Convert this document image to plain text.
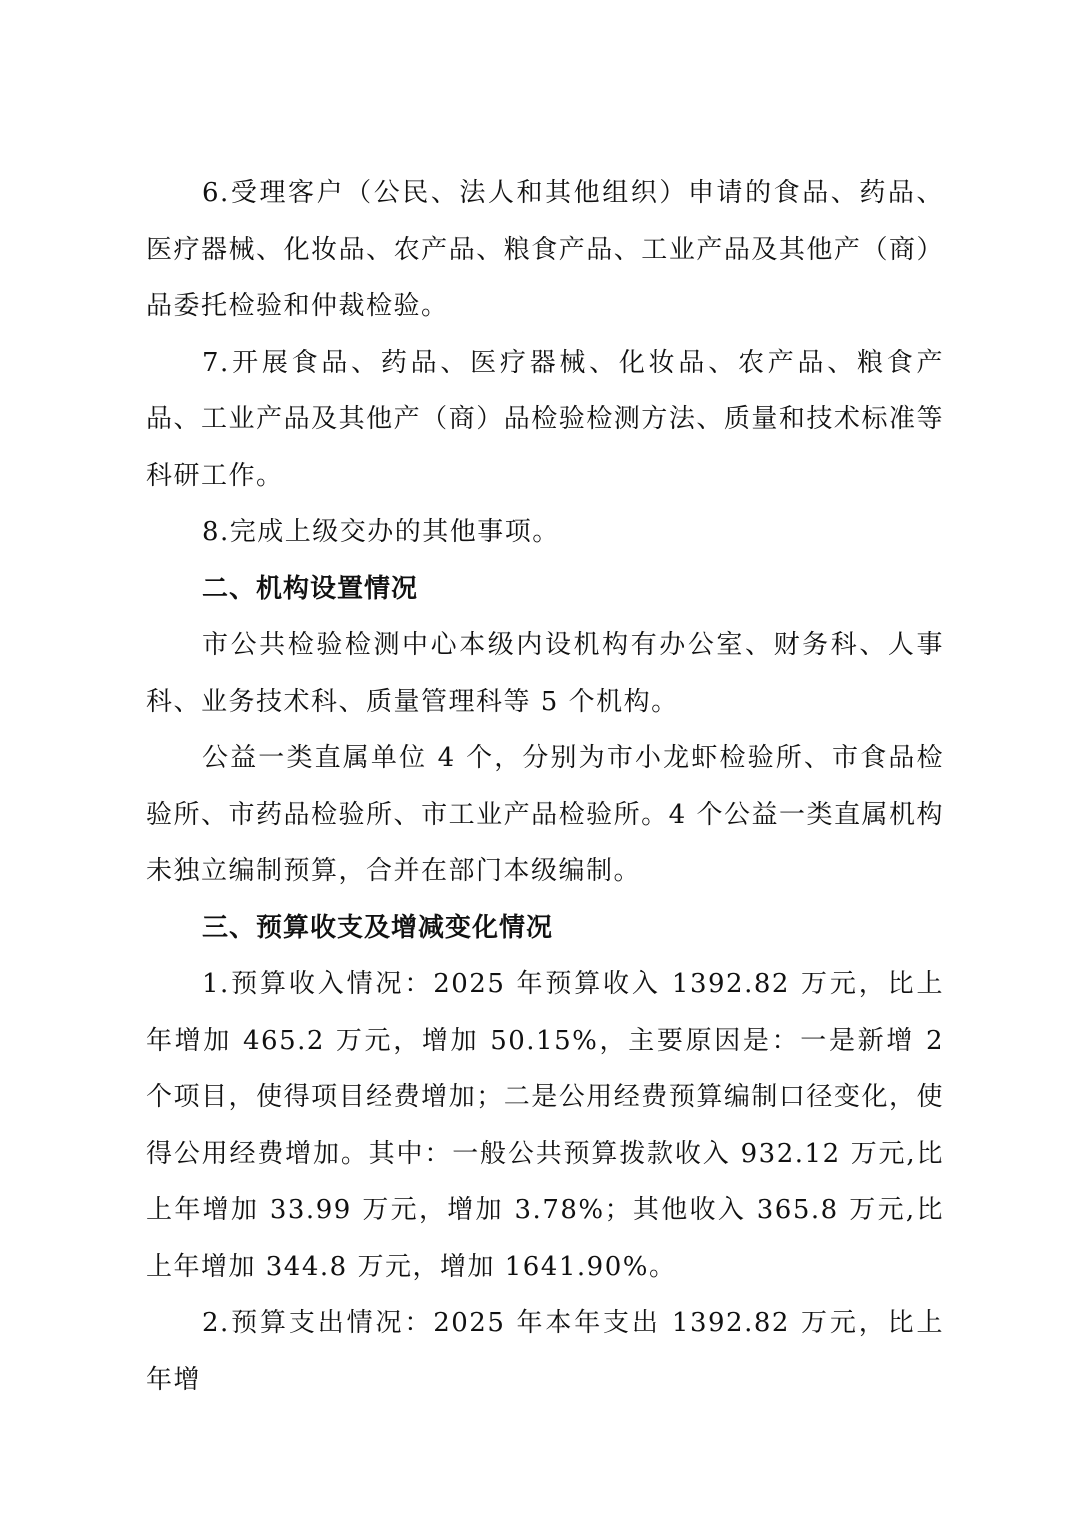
6.受理客户（公民、法人和其他组织）申请的食品、药品、医疗器械、化妆品、农产品、粮食产品、工业产品及其他产（商）品委托检验和仲裁检验。

7.开展食品、药品、医疗器械、化妆品、农产品、粮食产品、工业产品及其他产（商）品检验检测方法、质量和技术标准等科研工作。

8.完成上级交办的其他事项。

二、机构设置情况

市公共检验检测中心本级内设机构有办公室、财务科、人事科、业务技术科、质量管理科等 5 个机构。

公益一类直属单位 4 个，分别为市小龙虾检验所、市食品检验所、市药品检验所、市工业产品检验所。4 个公益一类直属机构未独立编制预算，合并在部门本级编制。

三、预算收支及增减变化情况

1.预算收入情况：2025 年预算收入 1392.82 万元，比上年增加 465.2 万元，增加 50.15%，主要原因是：一是新增 2 个项目，使得项目经费增加；二是公用经费预算编制口径变化，使得公用经费增加。其中：一般公共预算拨款收入 932.12 万元,比上年增加 33.99 万元，增加 3.78%；其他收入 365.8 万元,比上年增加 344.8 万元，增加 1641.90%。

2.预算支出情况：2025 年本年支出 1392.82 万元，比上年增
